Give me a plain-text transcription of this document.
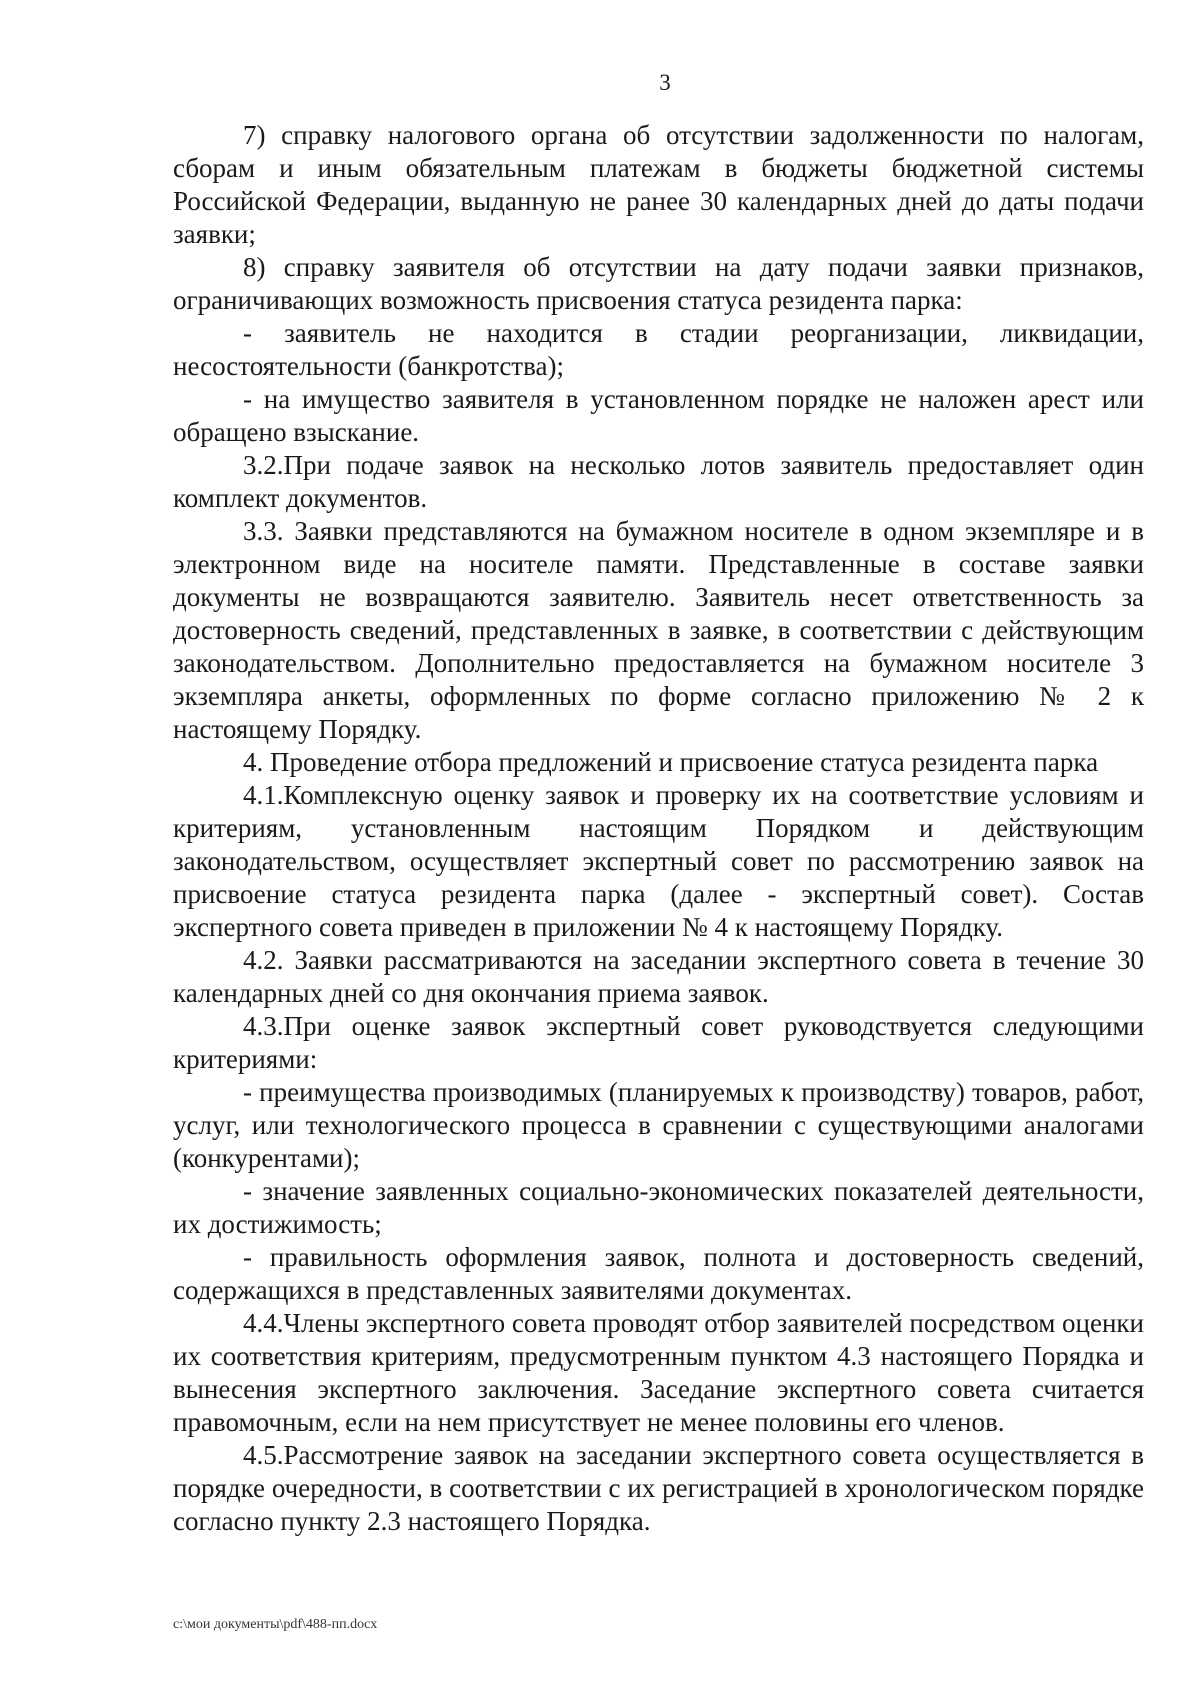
3

7) справку налогового органа об отсутствии задолженности по налогам, сборам и иным обязательным платежам в бюджеты бюджетной системы Российской Федерации, выданную не ранее 30 календарных дней до даты подачи заявки;

8) справку заявителя об отсутствии на дату подачи заявки признаков, ограничивающих возможность присвоения статуса резидента парка:

- заявитель не находится в стадии реорганизации, ликвидации, несостоятельности (банкротства);

- на имущество заявителя в установленном порядке не наложен арест или обращено взыскание.

3.2.При подаче заявок на несколько лотов заявитель предоставляет один комплект документов.

3.3. Заявки представляются на бумажном носителе в одном экземпляре и в электронном виде на носителе памяти. Представленные в составе заявки документы не возвращаются заявителю. Заявитель несет ответственность за достоверность сведений, представленных в заявке, в соответствии с действующим законодательством. Дополнительно предоставляется на бумажном носителе 3 экземпляра анкеты, оформленных по форме согласно приложению № 2 к настоящему Порядку.

4. Проведение отбора предложений и присвоение статуса резидента парка

4.1.Комплексную оценку заявок и проверку их на соответствие условиям и критериям, установленным настоящим Порядком и действующим законодательством, осуществляет экспертный совет по рассмотрению заявок на присвоение статуса резидента парка (далее - экспертный совет). Состав экспертного совета приведен в приложении № 4 к настоящему Порядку.

4.2. Заявки рассматриваются на заседании экспертного совета в течение 30 календарных дней со дня окончания приема заявок.

4.3.При оценке заявок экспертный совет руководствуется следующими критериями:

- преимущества производимых (планируемых к производству) товаров, работ, услуг, или технологического процесса в сравнении с существующими аналогами (конкурентами);

- значение заявленных социально-экономических показателей деятельности, их достижимость;

- правильность оформления заявок, полнота и достоверность сведений, содержащихся в представленных заявителями документах.

4.4.Члены экспертного совета проводят отбор заявителей посредством оценки их соответствия критериям, предусмотренным пунктом 4.3 настоящего Порядка и вынесения экспертного заключения. Заседание экспертного совета считается правомочным, если на нем присутствует не менее половины его членов.

4.5.Рассмотрение заявок на заседании экспертного совета осуществляется в порядке очередности, в соответствии с их регистрацией в хронологическом порядке согласно пункту 2.3 настоящего Порядка.

c:\мои документы\pdf\488-пп.docx
